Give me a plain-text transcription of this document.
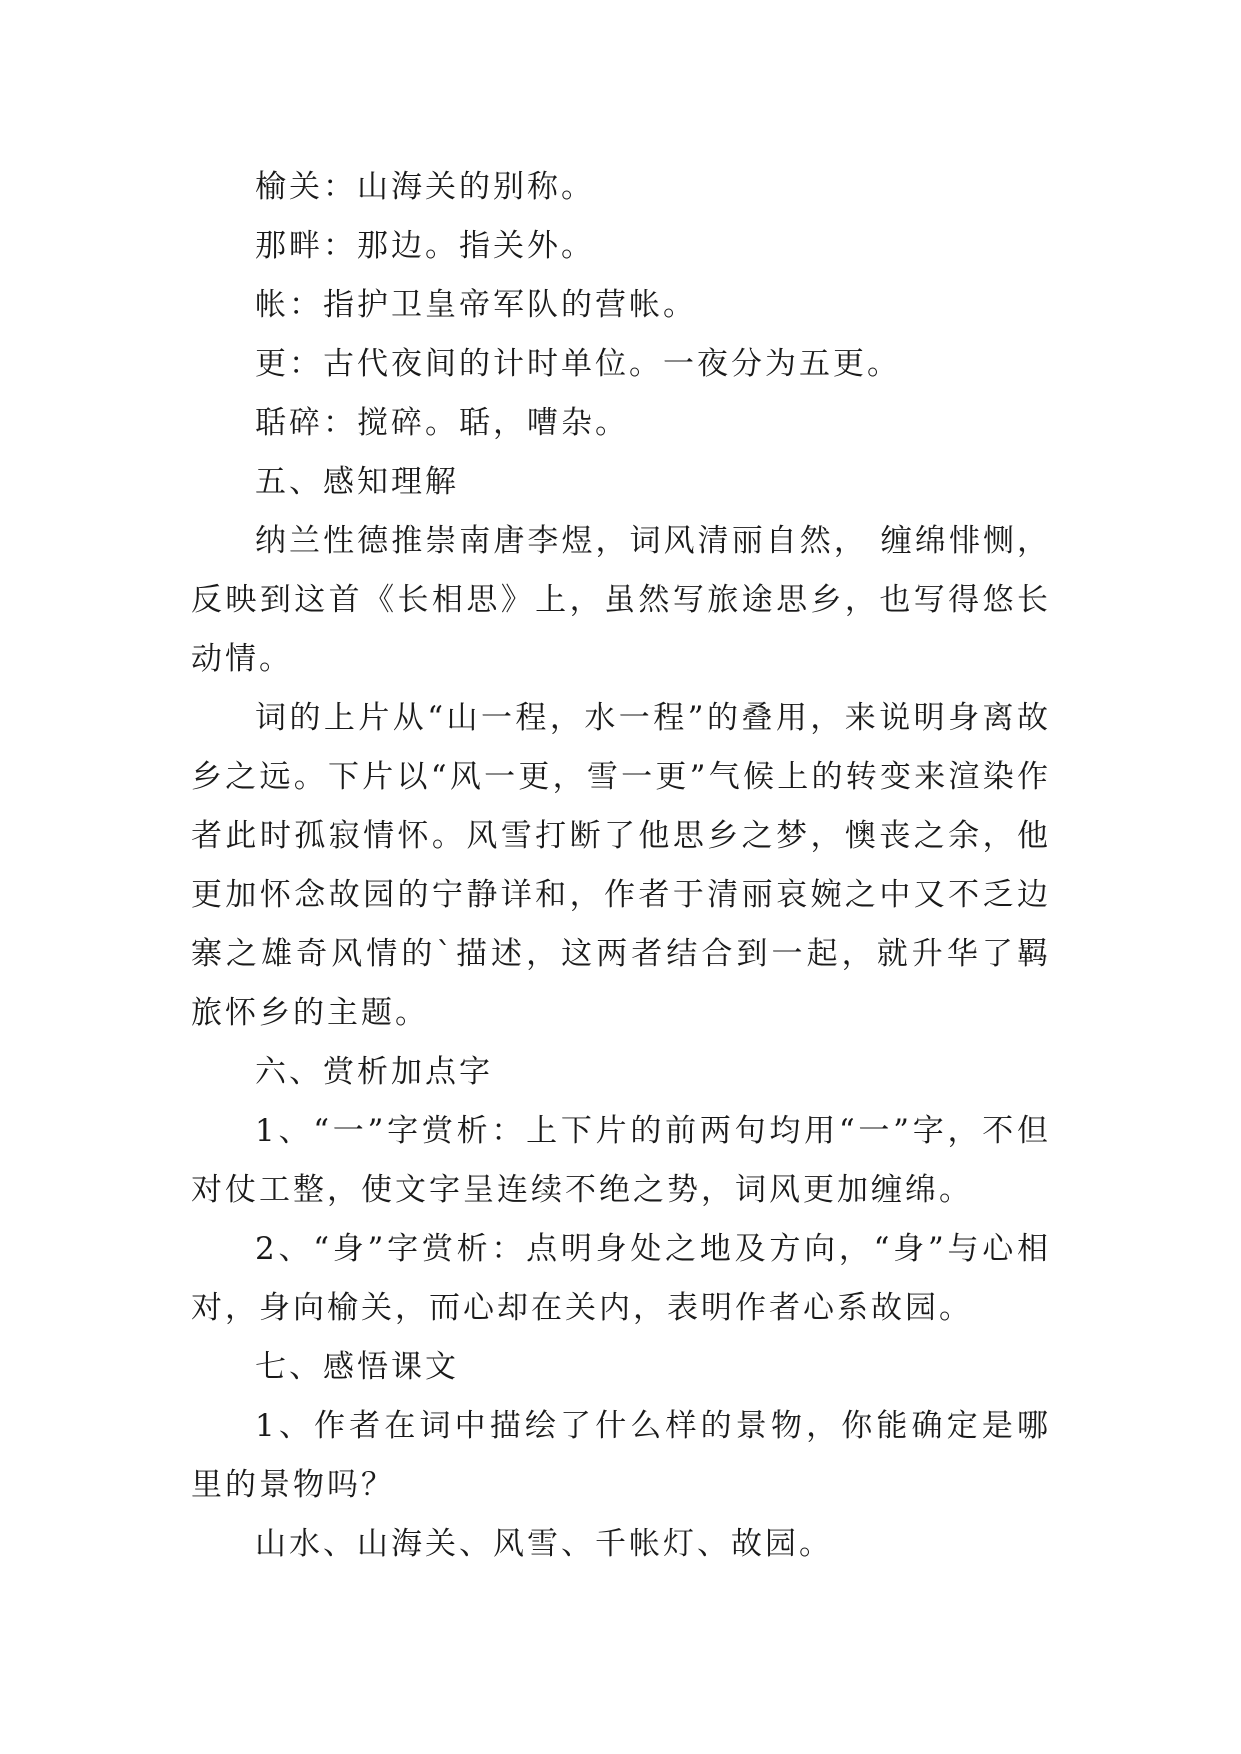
榆关：山海关的别称。

那畔：那边。指关外。

帐：指护卫皇帝军队的营帐。

更：古代夜间的计时单位。一夜分为五更。

聒碎：搅碎。聒，嘈杂。

五、感知理解

纳兰性德推崇南唐李煜，词风清丽自然， 缠绵悱恻，反映到这首《长相思》上，虽然写旅途思乡，也写得悠长动情。

词的上片从“山一程，水一程”的叠用，来说明身离故乡之远。下片以“风一更，雪一更”气候上的转变来渲染作者此时孤寂情怀。风雪打断了他思乡之梦，懊丧之余，他更加怀念故园的宁静详和，作者于清丽哀婉之中又不乏边寨之雄奇风情的`描述，这两者结合到一起，就升华了羁旅怀乡的主题。

六、赏析加点字

1、“一”字赏析：上下片的前两句均用“一”字，不但对仗工整，使文字呈连续不绝之势，词风更加缠绵。

2、“身”字赏析：点明身处之地及方向，“身”与心相对，身向榆关，而心却在关内，表明作者心系故园。

七、感悟课文

1、作者在词中描绘了什么样的景物，你能确定是哪里的景物吗？

山水、山海关、风雪、千帐灯、故园。
